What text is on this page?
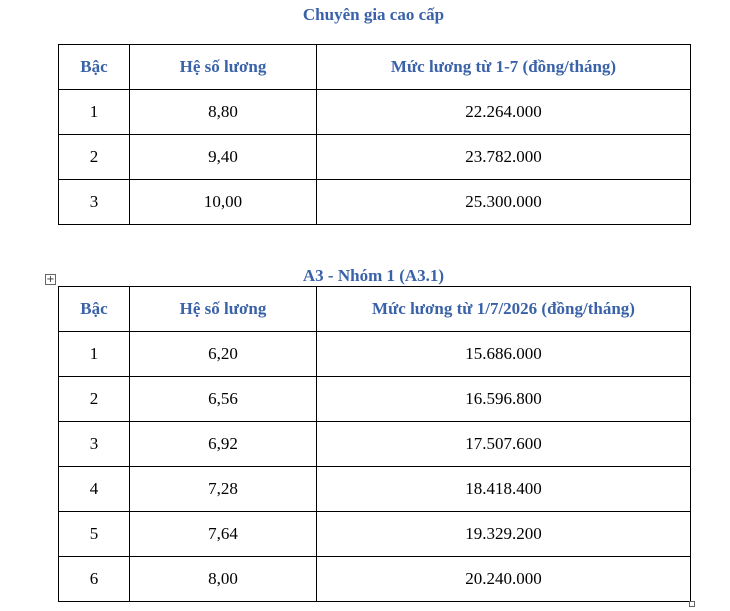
Chuyên gia cao cấp
Bậc	Hệ số lương	Mức lương từ 1-7 (đồng/tháng)
1	8,80	22.264.000
2	9,40	23.782.000
3	10,00	25.300.000
+	A3 - Nhóm 1 (A3.1)
Bậc	Hệ số lương	Mức lương từ 1/7/2026 (đồng/tháng)
1	6,20	15.686.000
2	6,56	16.596.800
3	6,92	17.507.600
4	7,28	18.418.400
5	7,64	19.329.200
6	8,00	20.240.000
